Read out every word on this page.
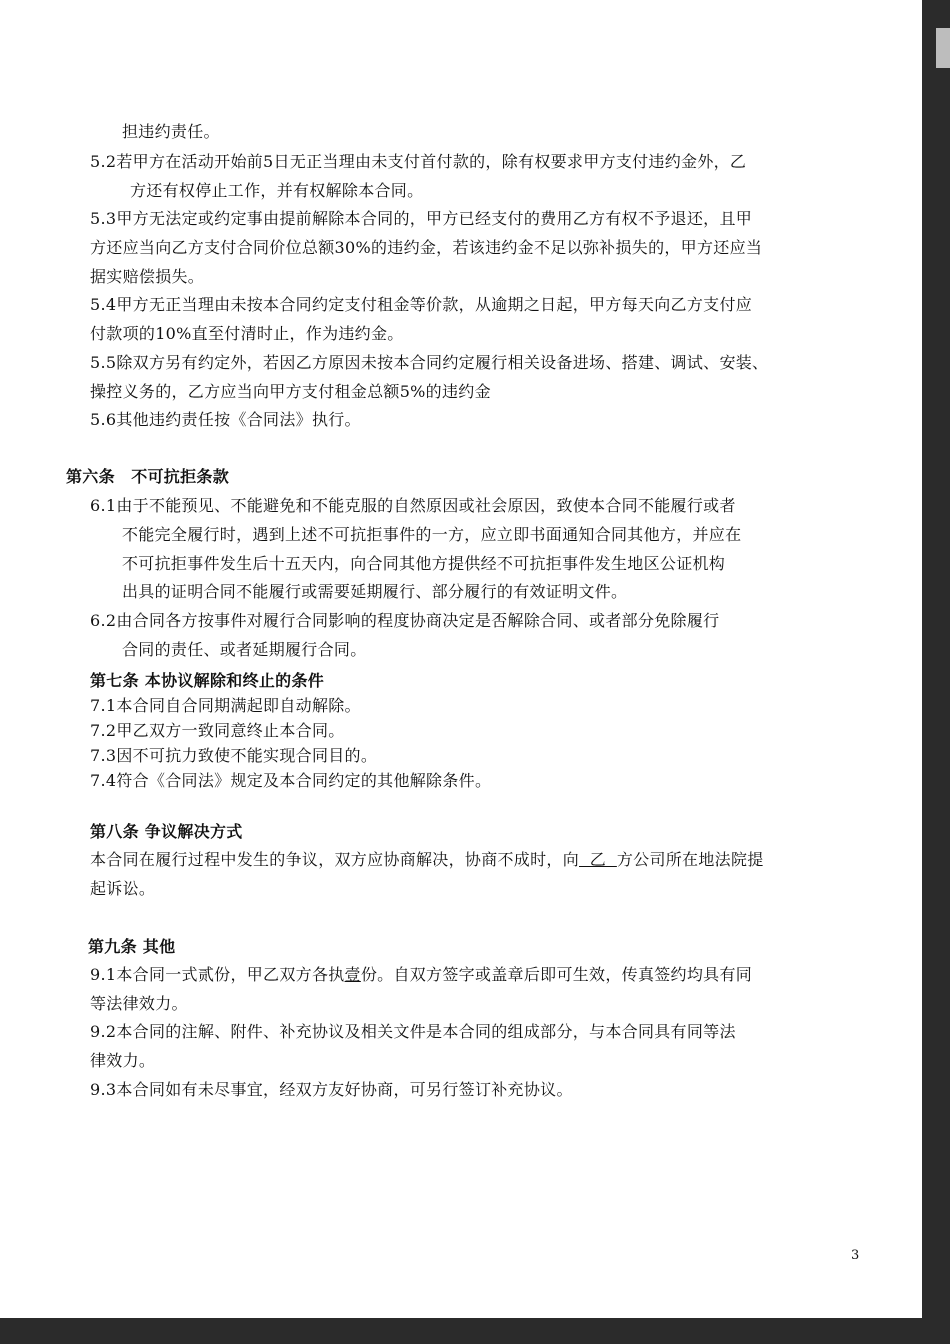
担违约责任。
5.2若甲方在活动开始前5日无正当理由未支付首付款的，除有权要求甲方支付违约金外，乙
方还有权停止工作，并有权解除本合同。
5.3甲方无法定或约定事由提前解除本合同的，甲方已经支付的费用乙方有权不予退还，且甲
方还应当向乙方支付合同价位总额30%的违约金，若该违约金不足以弥补损失的，甲方还应当
据实赔偿损失。
5.4甲方无正当理由未按本合同约定支付租金等价款，从逾期之日起，甲方每天向乙方支付应
付款项的10%直至付清时止，作为违约金。
5.5除双方另有约定外，若因乙方原因未按本合同约定履行相关设备进场、搭建、调试、安装、
操控义务的，乙方应当向甲方支付租金总额5%的违约金
5.6其他违约责任按《合同法》执行。
第六条　不可抗拒条款
6.1由于不能预见、不能避免和不能克服的自然原因或社会原因，致使本合同不能履行或者
不能完全履行时，遇到上述不可抗拒事件的一方，应立即书面通知合同其他方，并应在
不可抗拒事件发生后十五天内，向合同其他方提供经不可抗拒事件发生地区公证机构
出具的证明合同不能履行或需要延期履行、部分履行的有效证明文件。
6.2由合同各方按事件对履行合同影响的程度协商决定是否解除合同、或者部分免除履行
合同的责任、或者延期履行合同。
第七条 本协议解除和终止的条件
7.1本合同自合同期满起即自动解除。
7.2甲乙双方一致同意终止本合同。
7.3因不可抗力致使不能实现合同目的。
7.4符合《合同法》规定及本合同约定的其他解除条件。
第八条 争议解决方式
本合同在履行过程中发生的争议，双方应协商解决，协商不成时，向  乙  方公司所在地法院提
起诉讼。
第九条 其他
9.1本合同一式贰份，甲乙双方各执壹份。自双方签字或盖章后即可生效，传真签约均具有同
等法律效力。
9.2本合同的注解、附件、补充协议及相关文件是本合同的组成部分，与本合同具有同等法
律效力。
9.3本合同如有未尽事宜，经双方友好协商，可另行签订补充协议。
3
